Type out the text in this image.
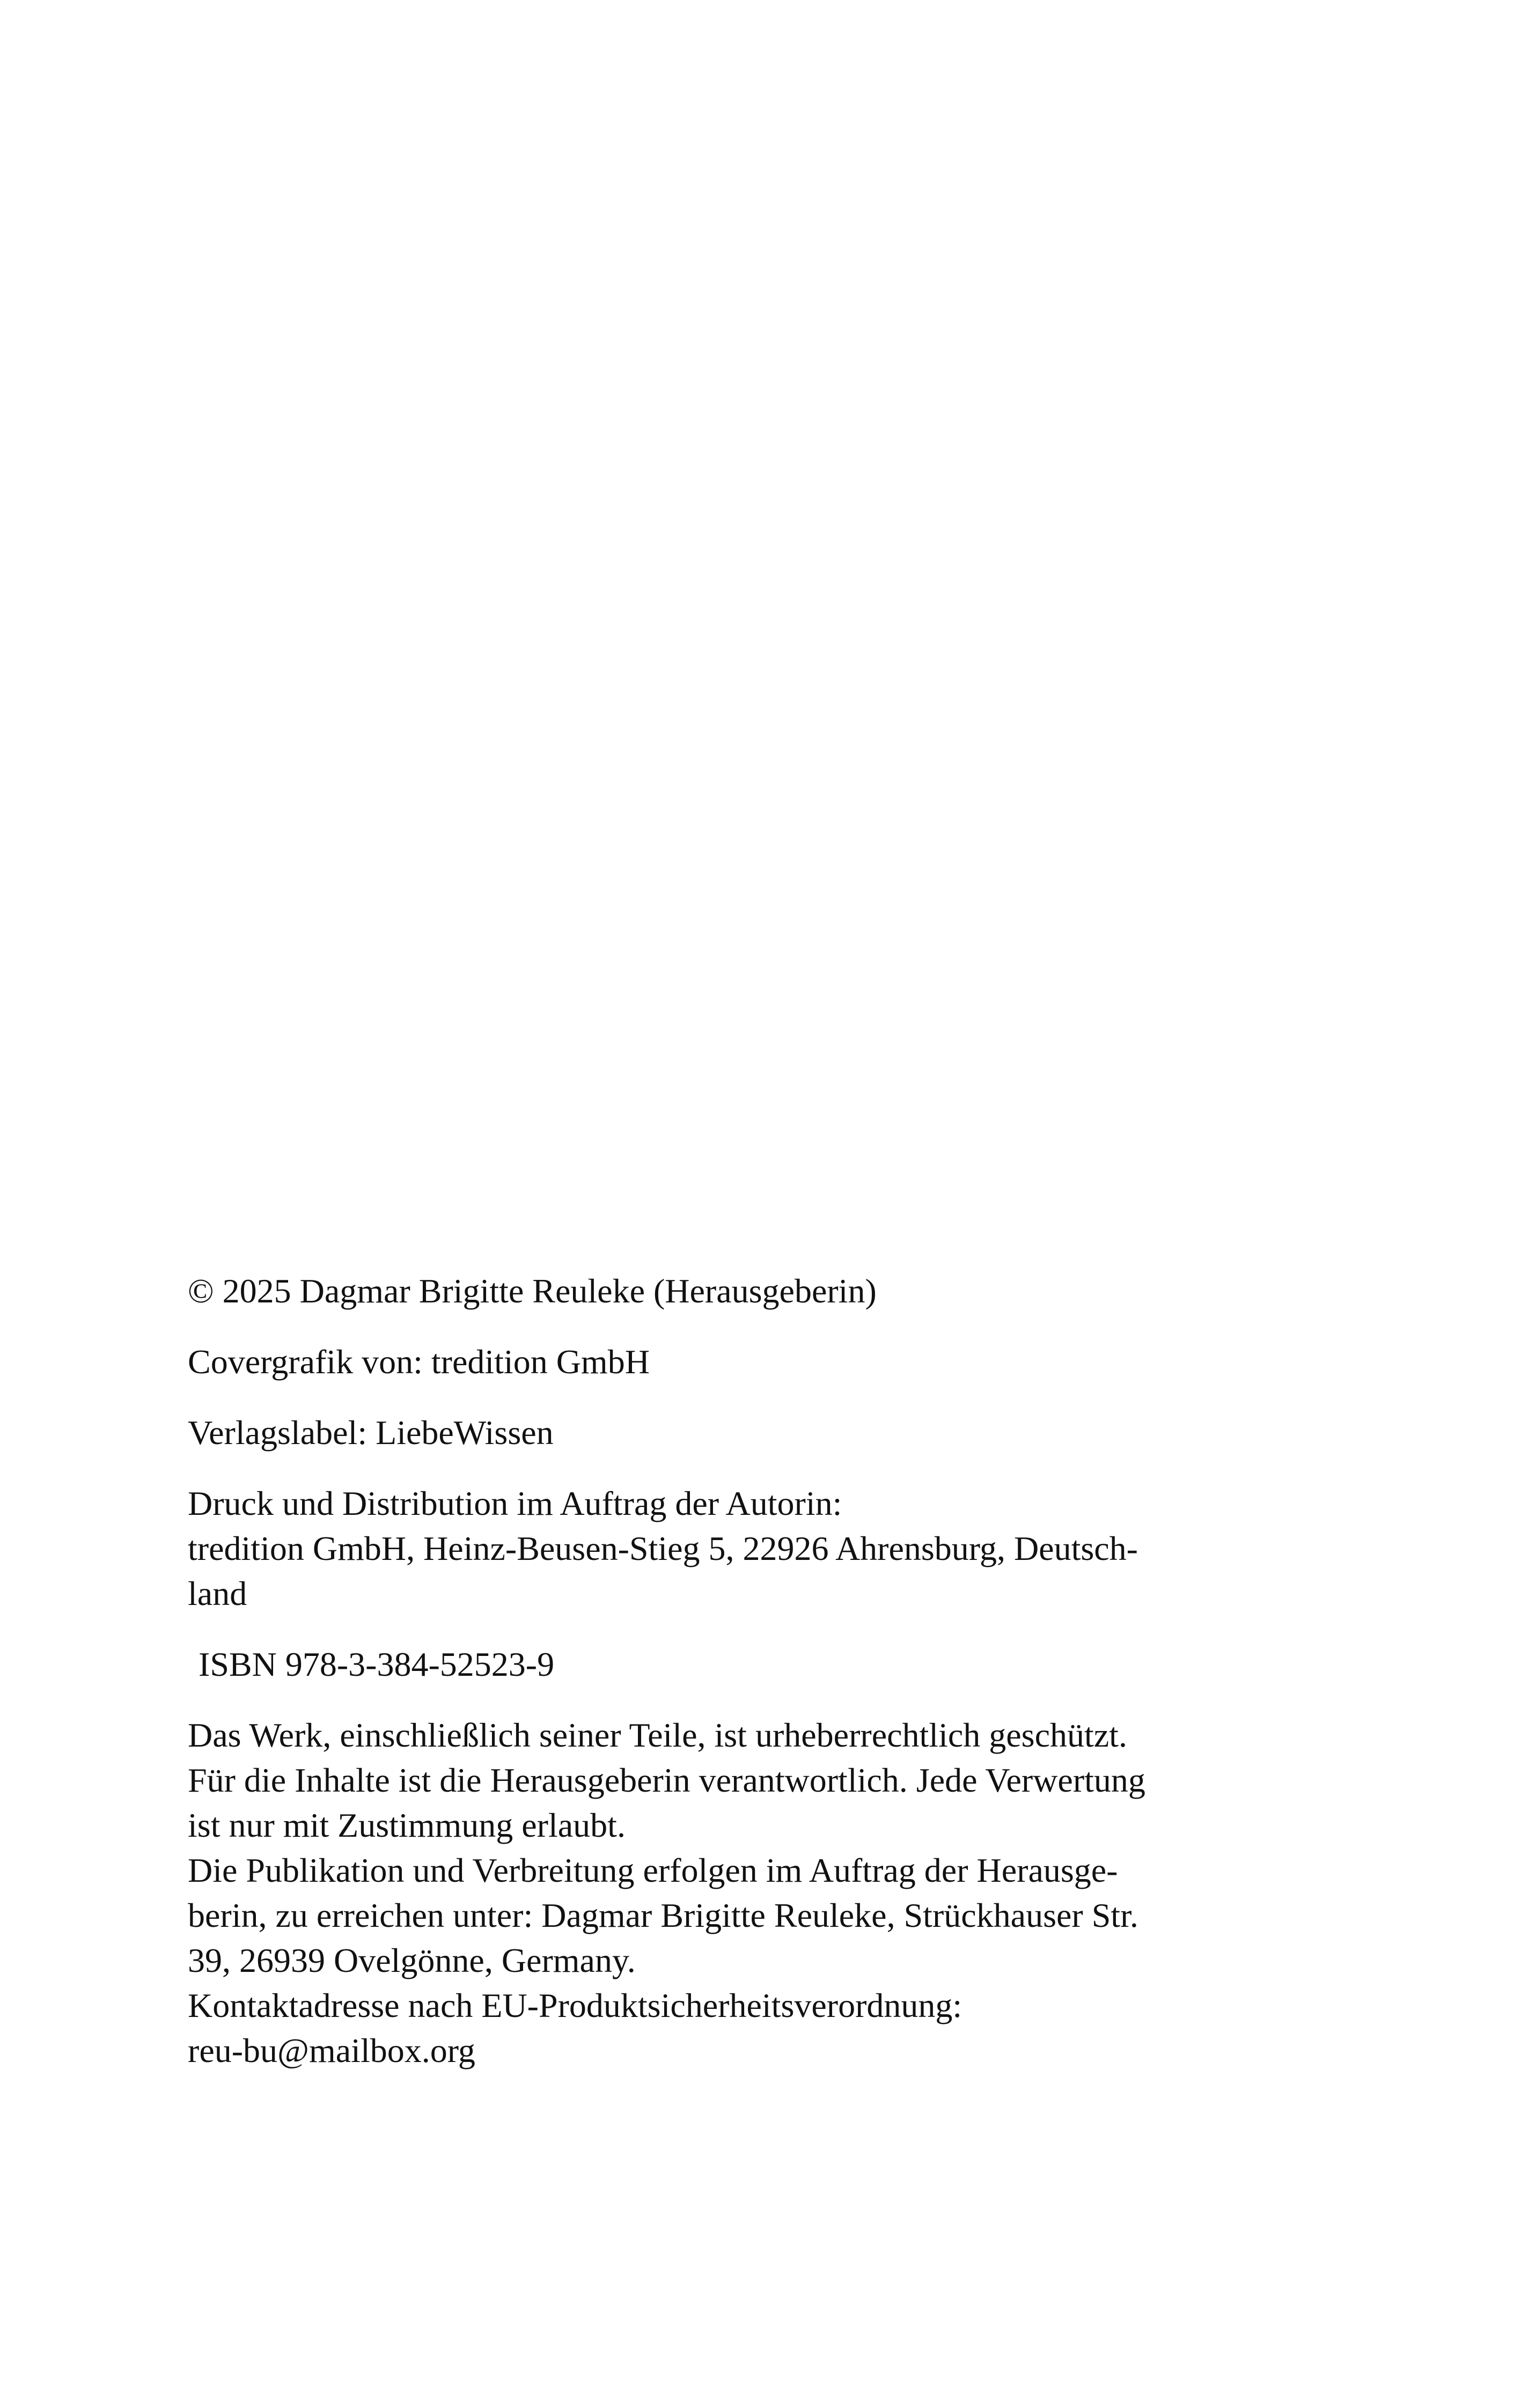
© 2025 Dagmar Brigitte Reuleke (Herausgeberin)

Covergrafik von: tredition GmbH

Verlagslabel: LiebeWissen

Druck und Distribution im Auftrag der Autorin:

tredition GmbH, Heinz-Beusen-Stieg 5, 22926 Ahrensburg, Deutsch-

land

ISBN 978-3-384-52523-9

Das Werk, einschließlich seiner Teile, ist urheberrechtlich geschützt.

Für die Inhalte ist die Herausgeberin verantwortlich. Jede Verwertung

ist nur mit Zustimmung erlaubt.

Die Publikation und Verbreitung erfolgen im Auftrag der Herausge-

berin, zu erreichen unter: Dagmar Brigitte Reuleke, Strückhauser Str.

39, 26939 Ovelgönne, Germany.

Kontaktadresse nach EU-Produktsicherheitsverordnung:

reu-bu@mailbox.org
